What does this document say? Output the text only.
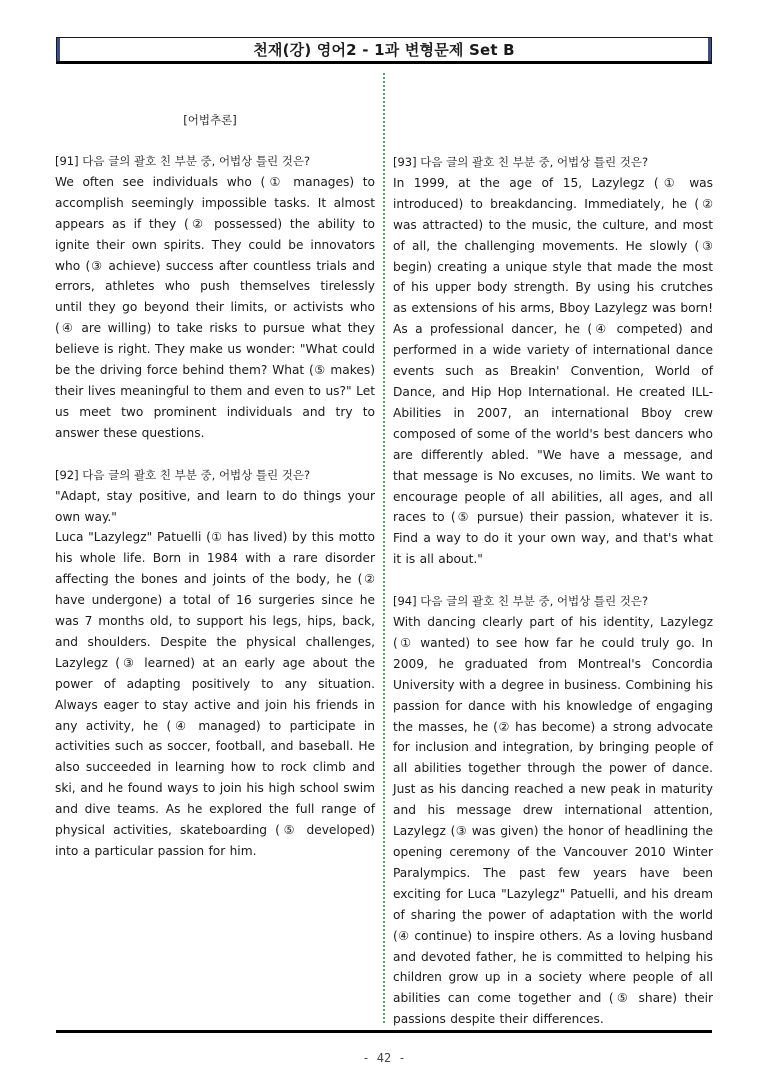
천재(강) 영어2 - 1과 변형문제 Set B
[어법추론]
[91] 다음 글의 괄호 친 부분 중, 어법상 틀린 것은?
We often see individuals who (① manages) to accomplish seemingly impossible tasks. It almost appears as if they (② possessed) the ability to ignite their own spirits. They could be innovators who (③ achieve) success after countless trials and errors, athletes who push themselves tirelessly until they go beyond their limits, or activists who (④ are willing) to take risks to pursue what they believe is right. They make us wonder: "What could be the driving force behind them? What (⑤ makes) their lives meaningful to them and even to us?" Let us meet two prominent individuals and try to answer these questions.
[92] 다음 글의 괄호 친 부분 중, 어법상 틀린 것은?
"Adapt, stay positive, and learn to do things your own way."
Luca "Lazylegz" Patuelli (① has lived) by this motto his whole life. Born in 1984 with a rare disorder affecting the bones and joints of the body, he (② have undergone) a total of 16 surgeries since he was 7 months old, to support his legs, hips, back, and shoulders. Despite the physical challenges, Lazylegz (③ learned) at an early age about the power of adapting positively to any situation. Always eager to stay active and join his friends in any activity, he (④ managed) to participate in activities such as soccer, football, and baseball. He also succeeded in learning how to rock climb and ski, and he found ways to join his high school swim and dive teams. As he explored the full range of physical activities, skateboarding (⑤ developed) into a particular passion for him.
[93] 다음 글의 괄호 친 부분 중, 어법상 틀린 것은?
In 1999, at the age of 15, Lazylegz (① was introduced) to breakdancing. Immediately, he (② was attracted) to the music, the culture, and most of all, the challenging movements. He slowly (③ begin) creating a unique style that made the most of his upper body strength. By using his crutches as extensions of his arms, Bboy Lazylegz was born! As a professional dancer, he (④ competed) and performed in a wide variety of international dance events such as Breakin' Convention, World of Dance, and Hip Hop International. He created ILL-Abilities in 2007, an international Bboy crew composed of some of the world's best dancers who are differently abled. "We have a message, and that message is No excuses, no limits. We want to encourage people of all abilities, all ages, and all races to (⑤ pursue) their passion, whatever it is. Find a way to do it your own way, and that's what it is all about."
[94] 다음 글의 괄호 친 부분 중, 어법상 틀린 것은?
With dancing clearly part of his identity, Lazylegz (① wanted) to see how far he could truly go. In 2009, he graduated from Montreal's Concordia University with a degree in business. Combining his passion for dance with his knowledge of engaging the masses, he (② has become) a strong advocate for inclusion and integration, by bringing people of all abilities together through the power of dance. Just as his dancing reached a new peak in maturity and his message drew international attention, Lazylegz (③ was given) the honor of headlining the opening ceremony of the Vancouver 2010 Winter Paralympics. The past few years have been exciting for Luca "Lazylegz" Patuelli, and his dream of sharing the power of adaptation with the world (④ continue) to inspire others. As a loving husband and devoted father, he is committed to helping his children grow up in a society where people of all abilities can come together and (⑤ share) their passions despite their differences.
- 42 -
